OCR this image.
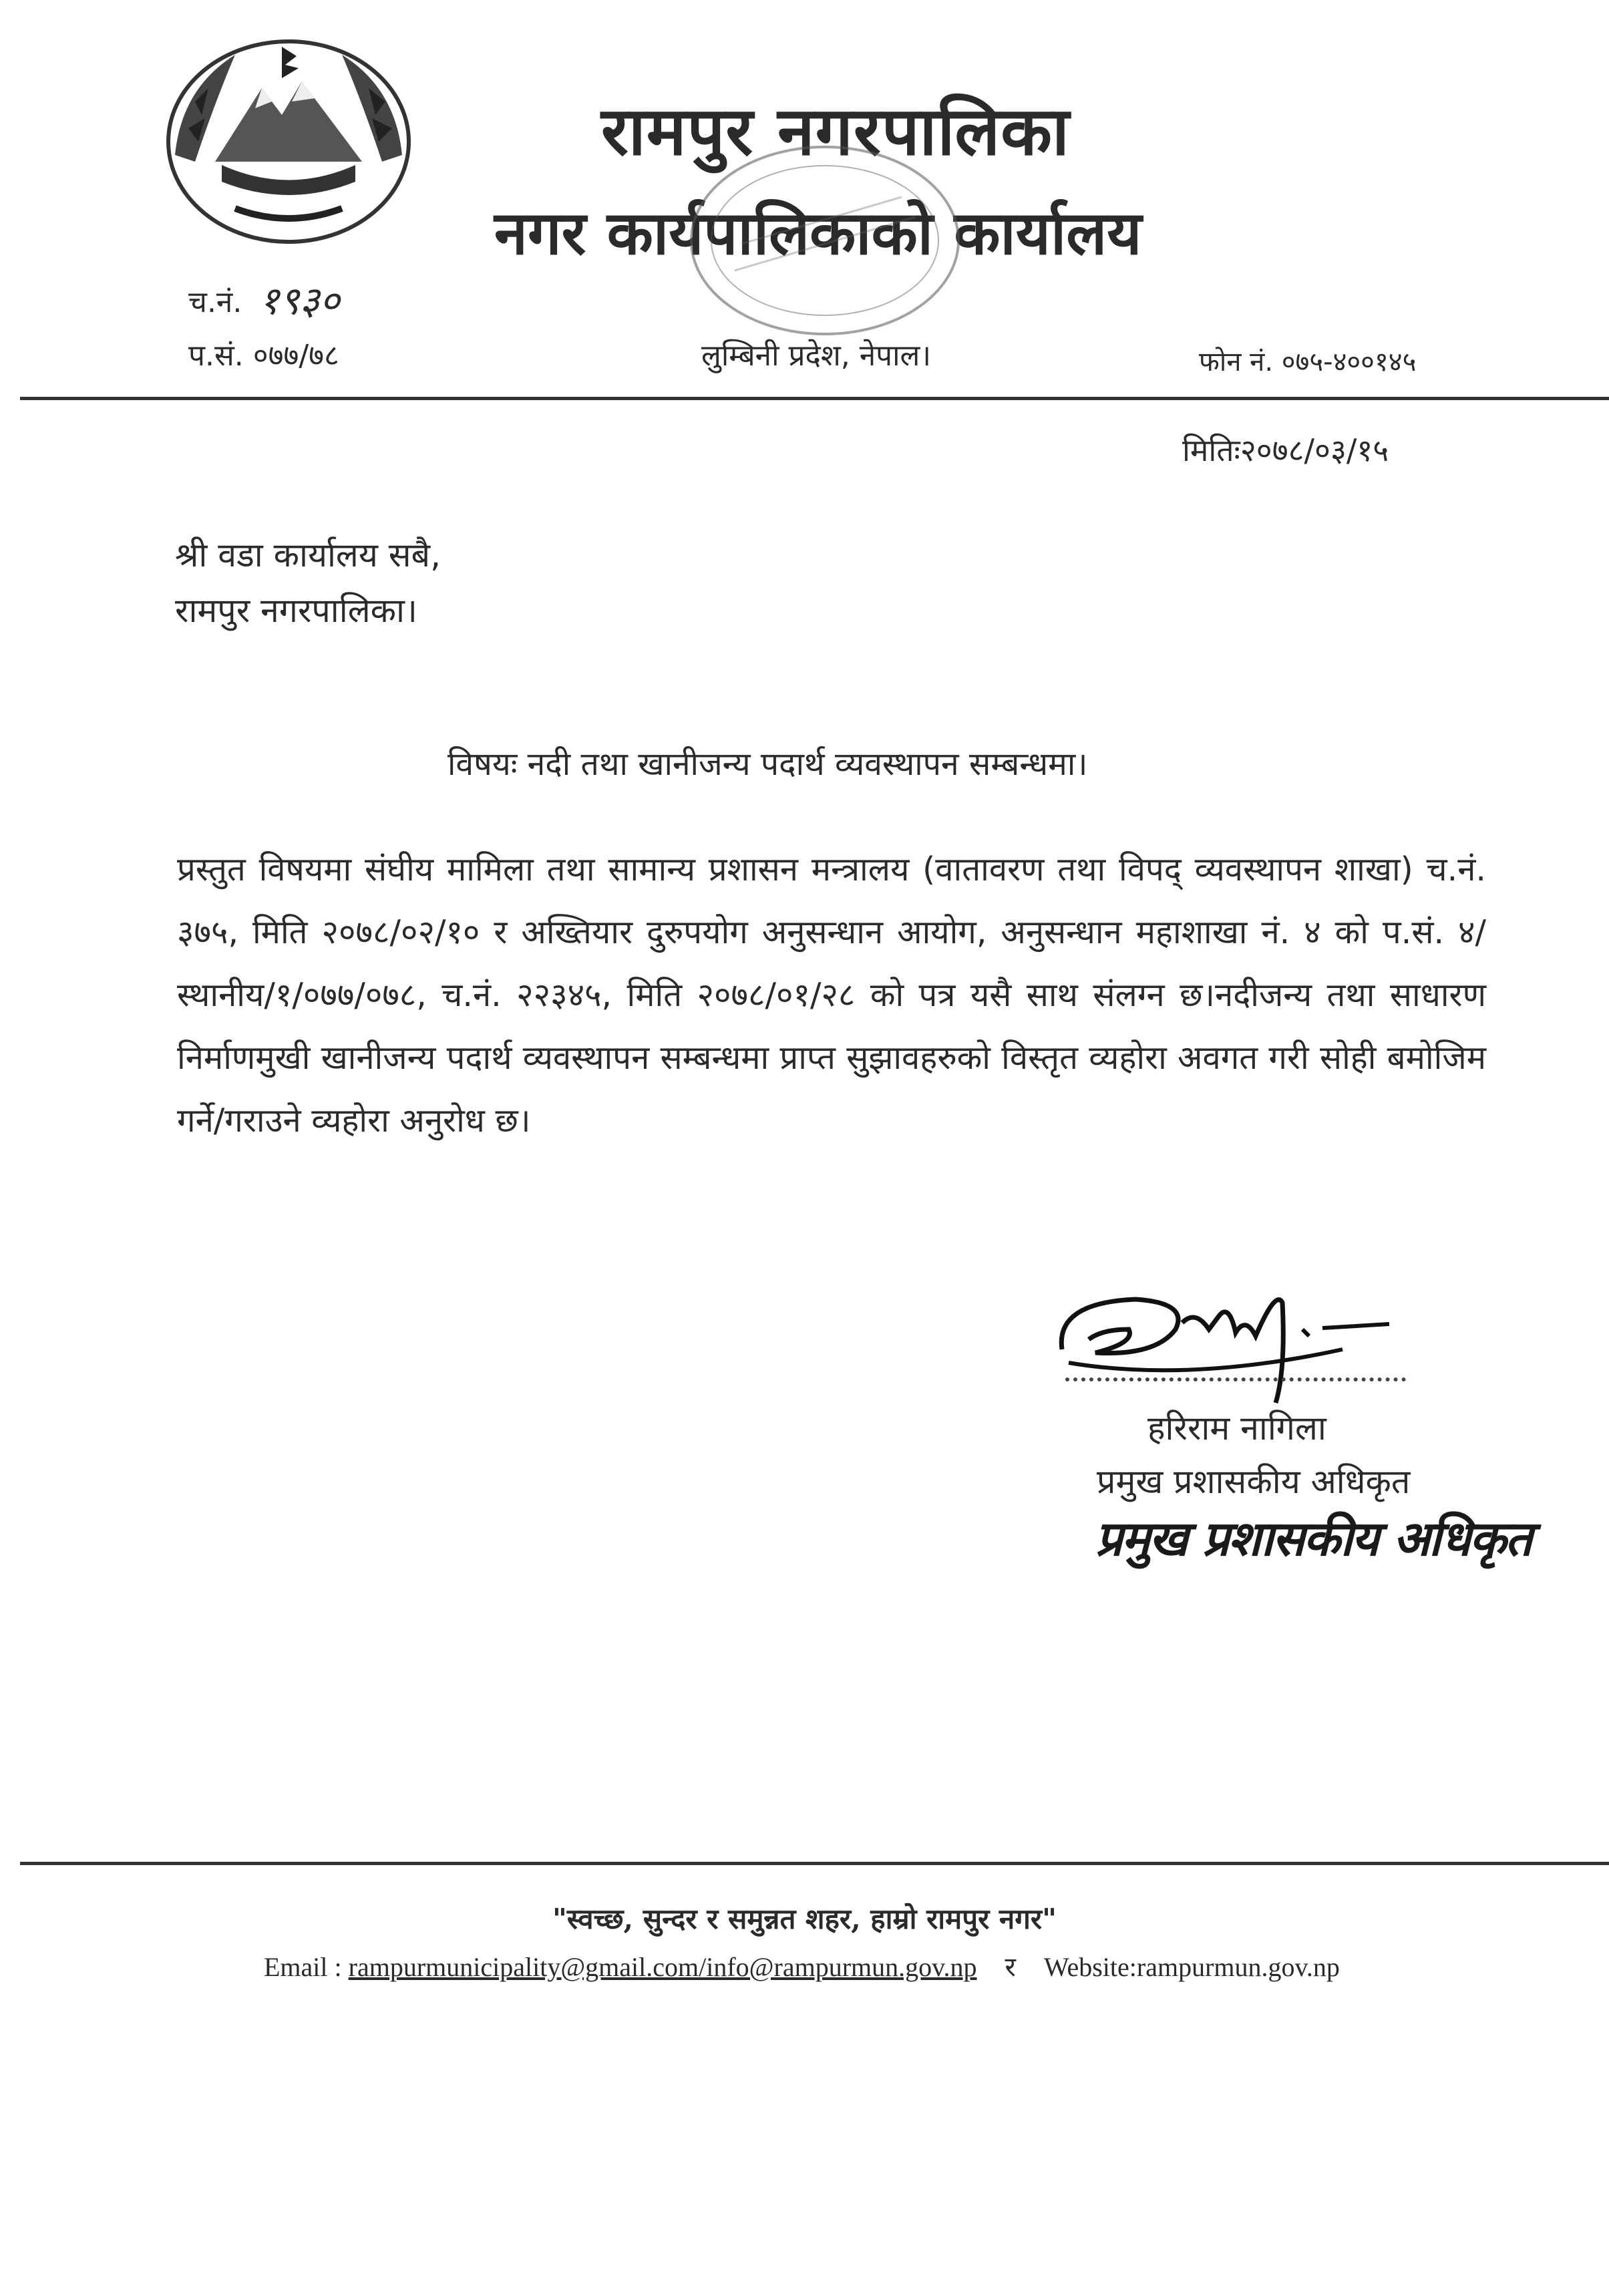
रामपुर नगरपालिका
नगर कार्यपालिकाको कार्यालय
च.नं. १९३०
प.सं. ०७७/७८	लुम्बिनी प्रदेश, नेपाल।	फोन नं. ०७५-४००१४५
मितिः२०७८/०३/१५
श्री वडा कार्यालय सबै,
रामपुर नगरपालिका।
विषयः नदी तथा खानीजन्य पदार्थ व्यवस्थापन सम्बन्धमा।
प्रस्तुत विषयमा संघीय मामिला तथा सामान्य प्रशासन मन्त्रालय (वातावरण तथा विपद् व्यवस्थापन शाखा) च.नं. ३७५, मिति २०७८/०२/१० र अख्तियार दुरुपयोग अनुसन्धान आयोग, अनुसन्धान महाशाखा नं. ४ को प.सं. ४/स्थानीय/१/०७७/०७८, च.नं. २२३४५, मिति २०७८/०१/२८ को पत्र यसै साथ संलग्न छ।नदीजन्य तथा साधारण निर्माणमुखी खानीजन्य पदार्थ व्यवस्थापन सम्बन्धमा प्राप्त सुझावहरुको विस्तृत व्यहोरा अवगत गरी सोही बमोजिम गर्ने/गराउने व्यहोरा अनुरोध छ।
हरिराम नागिला
प्रमुख प्रशासकीय अधिकृत
प्रमुख प्रशासकीय अधिकृत
"स्वच्छ, सुन्दर र समुन्नत शहर, हाम्रो रामपुर नगर"
Email : rampurmunicipality@gmail.com/info@rampurmun.gov.np र Website:rampurmun.gov.np
